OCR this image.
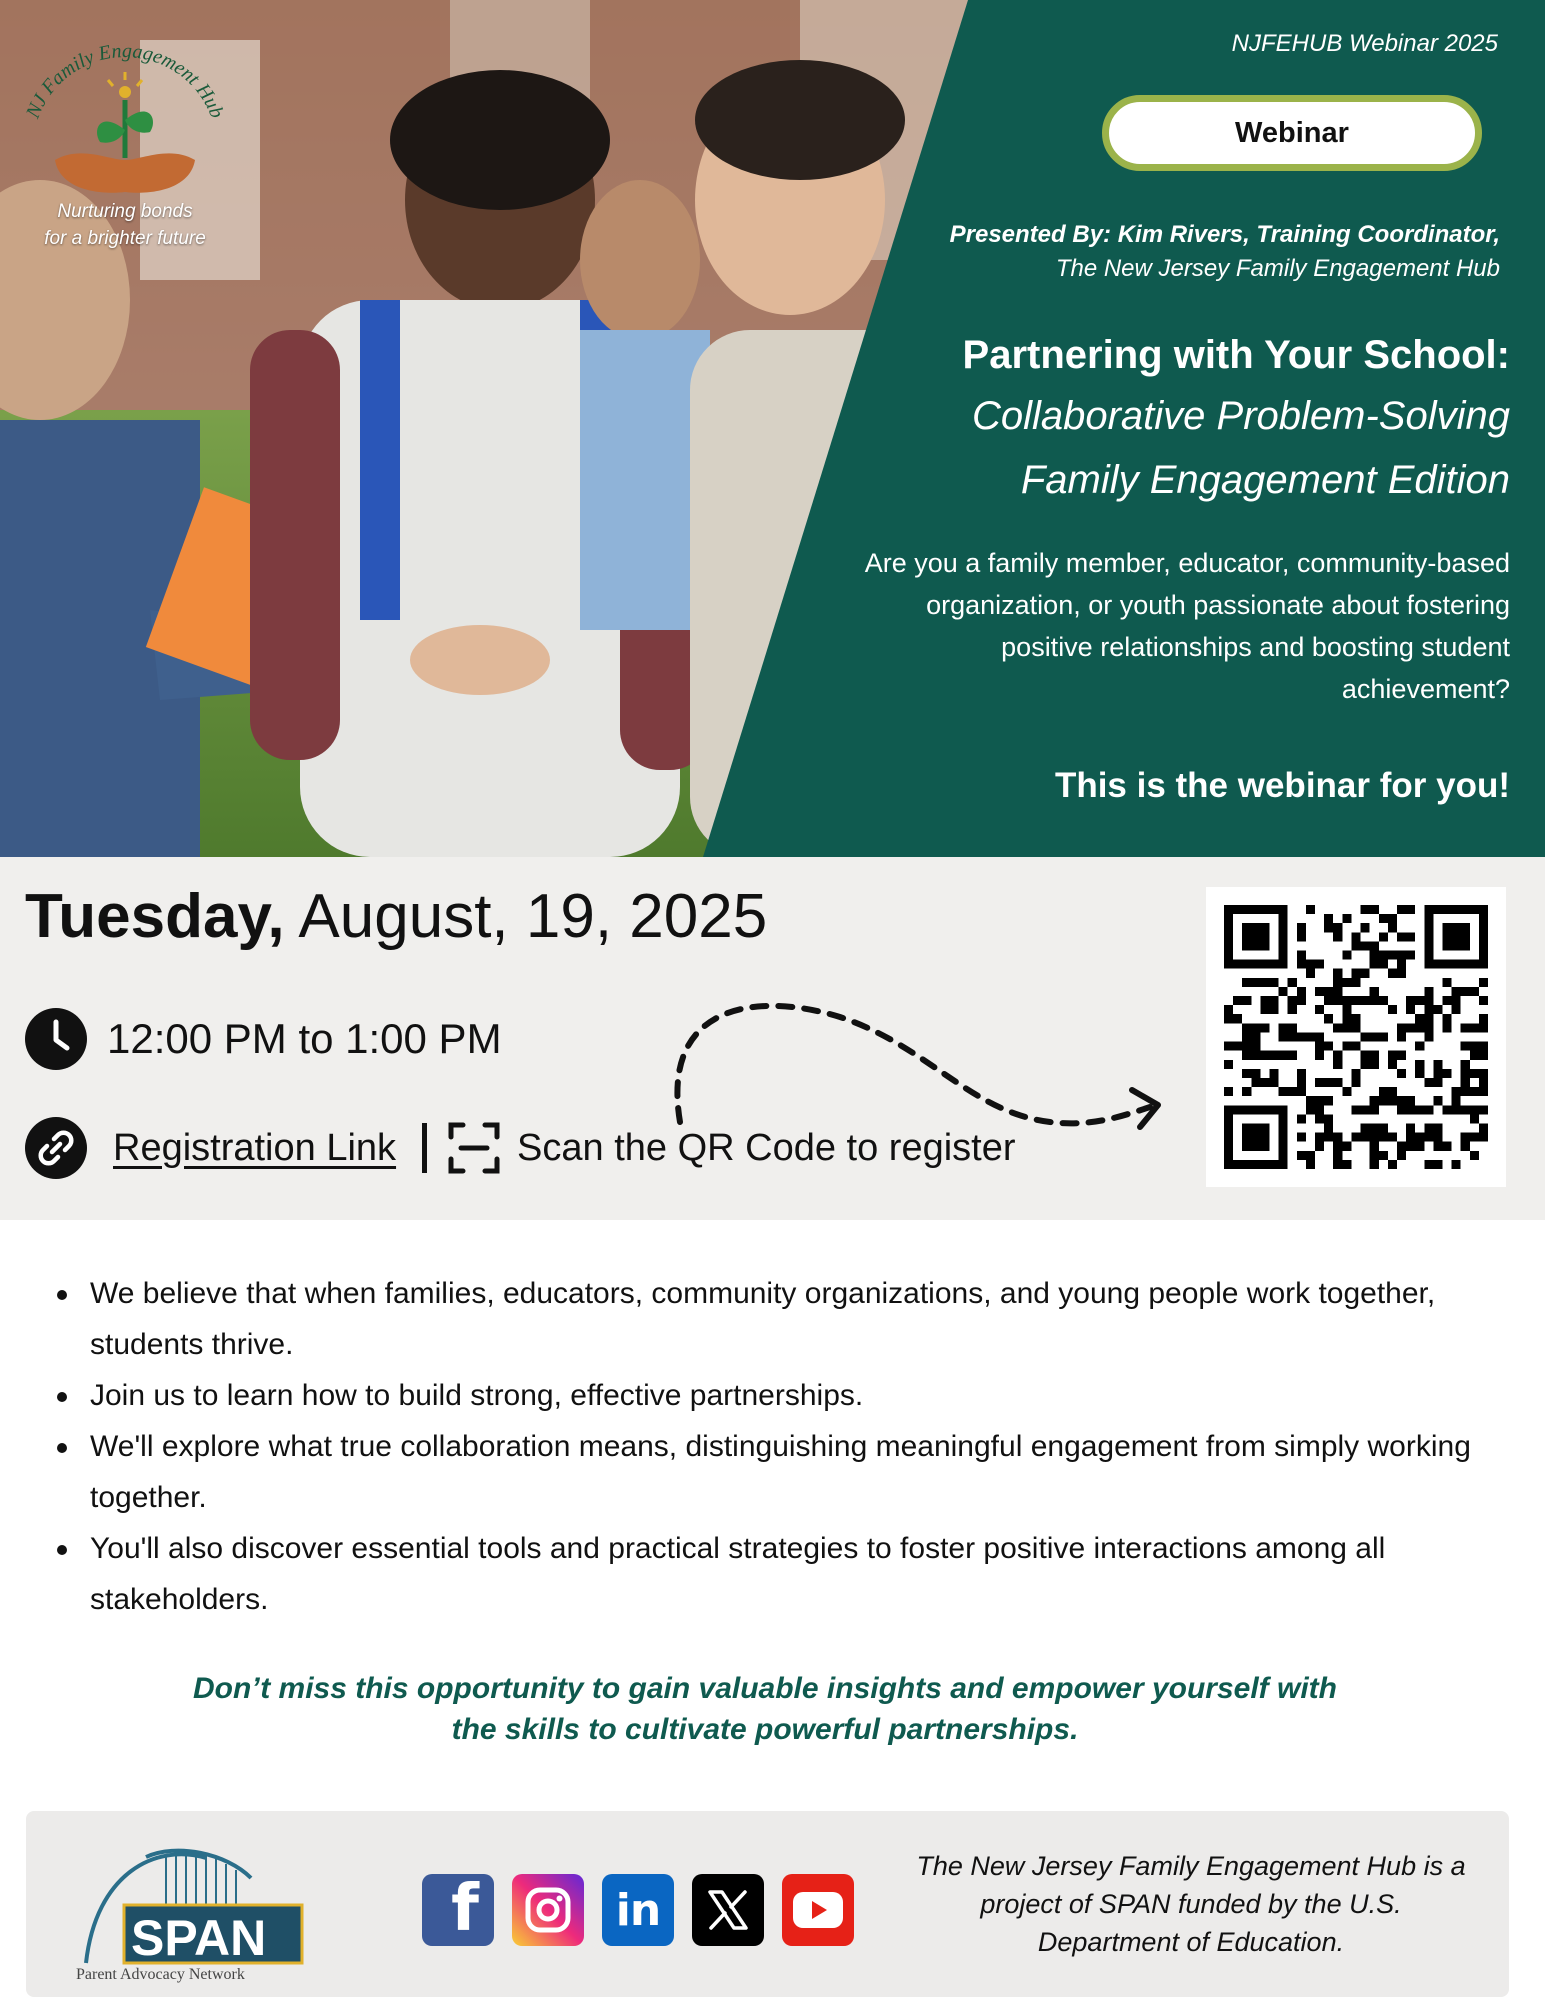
NJ Family Engagement Hub
Nurturing bonds
for a brighter future
NJFEHUB Webinar 2025
Webinar
Presented By: Kim Rivers, Training Coordinator,
The New Jersey Family Engagement Hub
Partnering with Your School:
Collaborative Problem-Solving
Family Engagement Edition
Are you a family member, educator, community-based organization, or youth passionate about fostering positive relationships and boosting student achievement?
This is the webinar for you!
Tuesday, August, 19, 2025
12:00 PM to 1:00 PM
Registration Link	Scan the QR Code to register
We believe that when families, educators, community organizations, and young people work together, students thrive.
Join us to learn how to build strong, effective partnerships.
We'll explore what true collaboration means, distinguishing meaningful engagement from simply working together.
You'll also discover essential tools and practical strategies to foster positive interactions among all stakeholders.
Don’t miss this opportunity to gain valuable insights and empower yourself with
the skills to cultivate powerful partnerships.
SPAN
Parent Advocacy Network
f	in
The New Jersey Family Engagement Hub is a project of SPAN funded by the U.S. Department of Education.
